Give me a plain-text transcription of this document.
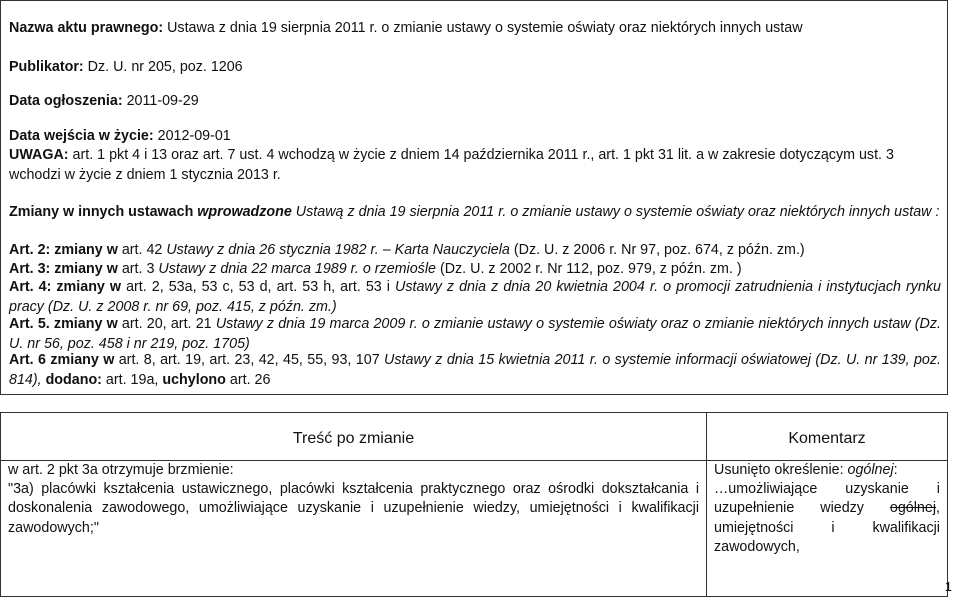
Nazwa aktu prawnego: Ustawa z dnia 19 sierpnia 2011 r. o zmianie ustawy o systemie oświaty oraz niektórych innych ustaw
Publikator: Dz. U. nr 205, poz. 1206
Data ogłoszenia: 2011-09-29
Data wejścia w życie: 2012-09-01
UWAGA: art. 1 pkt 4 i 13 oraz art. 7 ust. 4 wchodzą w życie z dniem 14 października 2011 r., art. 1 pkt 31 lit. a w zakresie dotyczącym ust. 3 wchodzi w życie z dniem 1 stycznia 2013 r.
Zmiany w innych ustawach wprowadzone Ustawą z dnia 19 sierpnia 2011 r. o zmianie ustawy o systemie oświaty oraz niektórych innych ustaw :
Art. 2: zmiany w art. 42 Ustawy z dnia 26 stycznia 1982 r. – Karta Nauczyciela (Dz. U. z 2006 r. Nr 97, poz. 674, z późn. zm.)
Art. 3: zmiany w art. 3 Ustawy z dnia 22 marca 1989 r. o rzemiośle (Dz. U. z 2002 r. Nr 112, poz. 979, z późn. zm. )
Art. 4: zmiany w art. 2, 53a, 53 c, 53 d, art. 53 h, art. 53 i Ustawy z dnia z dnia 20 kwietnia 2004 r. o promocji zatrudnienia i instytucjach rynku pracy (Dz. U. z 2008 r. nr 69, poz. 415, z późn. zm.)
Art. 5. zmiany w art. 20, art. 21 Ustawy z dnia 19 marca 2009 r. o zmianie ustawy o systemie oświaty oraz o zmianie niektórych innych ustaw (Dz. U. nr 56, poz. 458 i nr 219, poz. 1705)
Art. 6 zmiany w art. 8, art. 19, art. 23, 42, 45, 55, 93, 107 Ustawy z dnia 15 kwietnia 2011 r. o systemie informacji oświatowej (Dz. U. nr 139, poz. 814), dodano: art. 19a, uchylono art. 26
Treść po zmianie	Komentarz
w art. 2 pkt 3a otrzymuje brzmienie:
"3a) placówki kształcenia ustawicznego, placówki kształcenia praktycznego oraz ośrodki dokształcania i doskonalenia zawodowego, umożliwiające uzyskanie i uzupełnienie wiedzy, umiejętności i kwalifikacji zawodowych;"
Usunięto określenie: ogólnej:
…umożliwiające uzyskanie i uzupełnienie wiedzy ogólnej, umiejętności i kwalifikacji zawodowych,
1
